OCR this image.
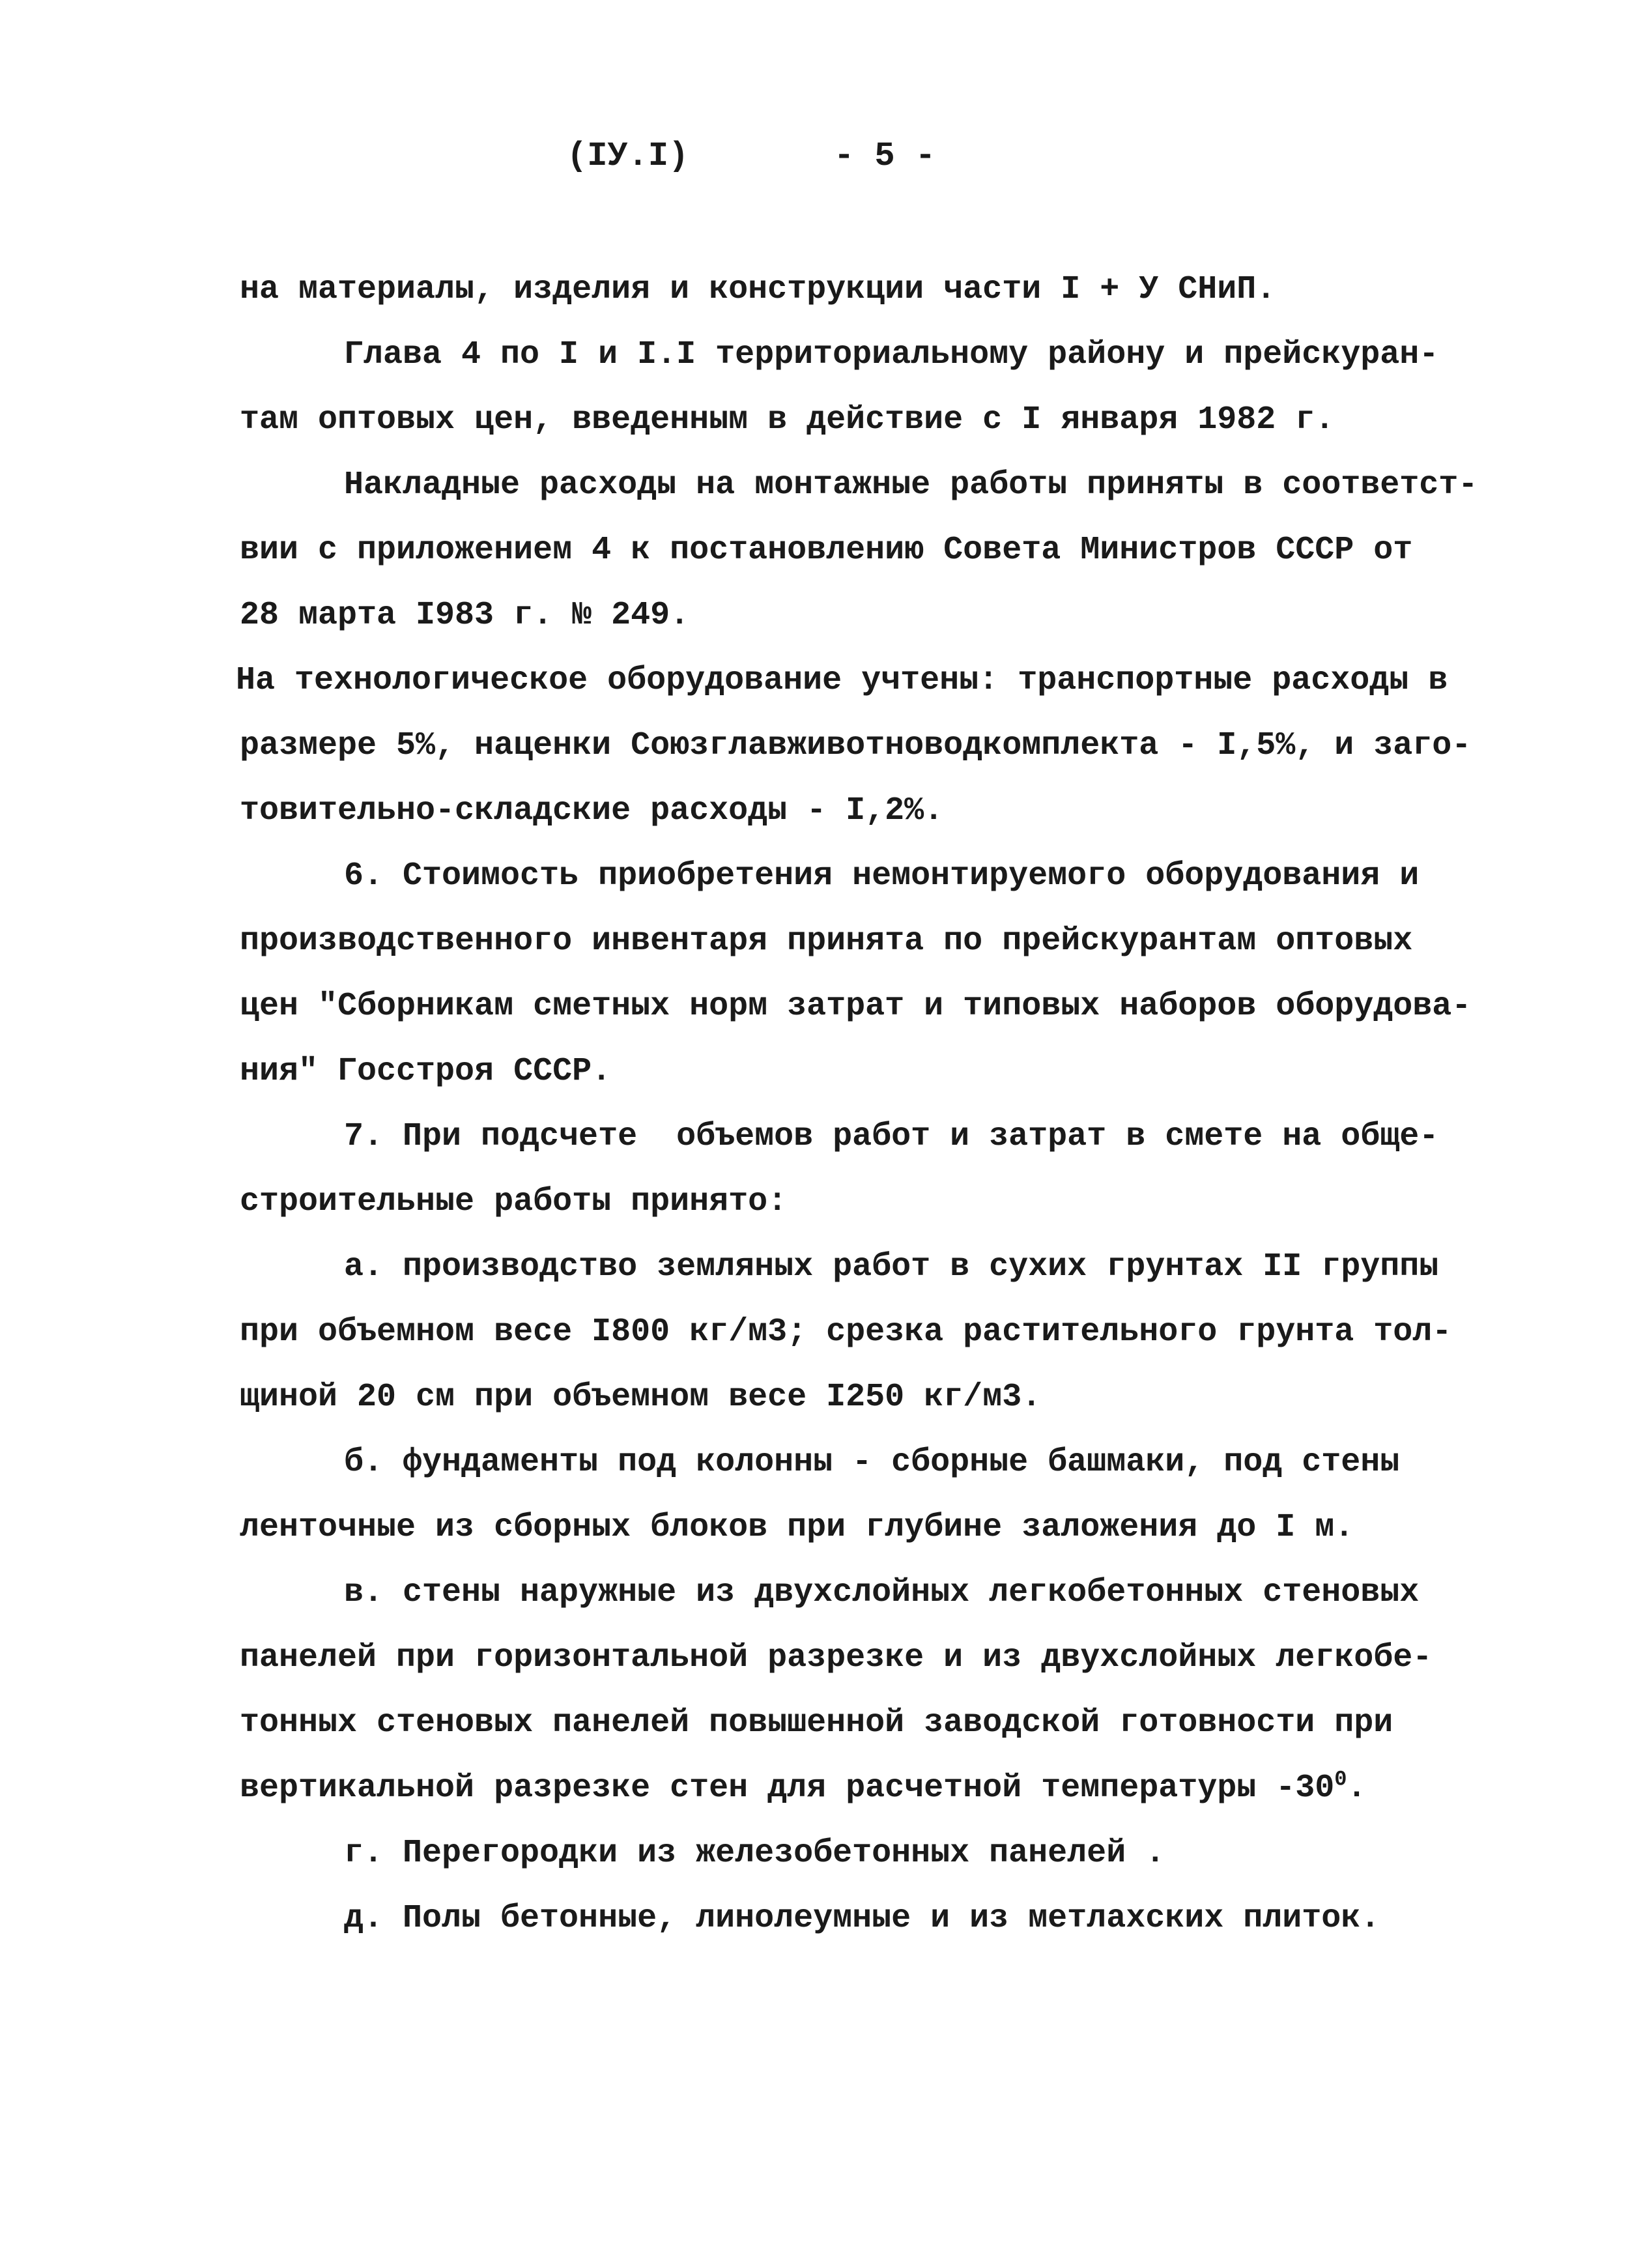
(IУ.I)	- 5 -
на материалы, изделия и конструкции части I + У СНиП.
Глава 4 по I и I.I территориальному району и прейскуран-
там оптовых цен, введенным в действие с I января 1982 г.
Накладные расходы на монтажные работы приняты в соответст-
вии с приложением 4 к постановлению Совета Министров СССР от
28 марта I983 г. № 249.
На технологическое оборудование учтены: транспортные расходы в
размере 5%, наценки Союзглавживотноводкомплекта - I,5%, и загo-
товительно-складские расходы - I,2%.
6. Стоимость приобретения немонтируемого оборудования и
производственного инвентаря принята по прейскурантам оптовых
цен "Сборникам сметных норм затрат и типовых наборов оборудова-
ния" Госстроя СССР.
7. При подсчете  объемов работ и затрат в смете на обще-
строительные работы принято:
а. производство земляных работ в сухих грунтах II группы
при объемном весе I800 кг/м3; срезка растительного грунта тол-
щиной 20 см при объемном весе I250 кг/м3.
б. фундаменты под колонны - сборные башмаки, под стены
ленточные из сборных блоков при глубине заложения до I м.
в. стены наружные из двухслойных легкобетонных стеновых
панелей при горизонтальной разрезке и из двухслойных легкобе-
тонных стеновых панелей повышенной заводской готовности при
вертикальной разрезке стен для расчетной температуры $-30^0$.
г. Перегородки из железобетонных панелей .
д. Полы бетонные, линолеумные и из метлахских плиток.
